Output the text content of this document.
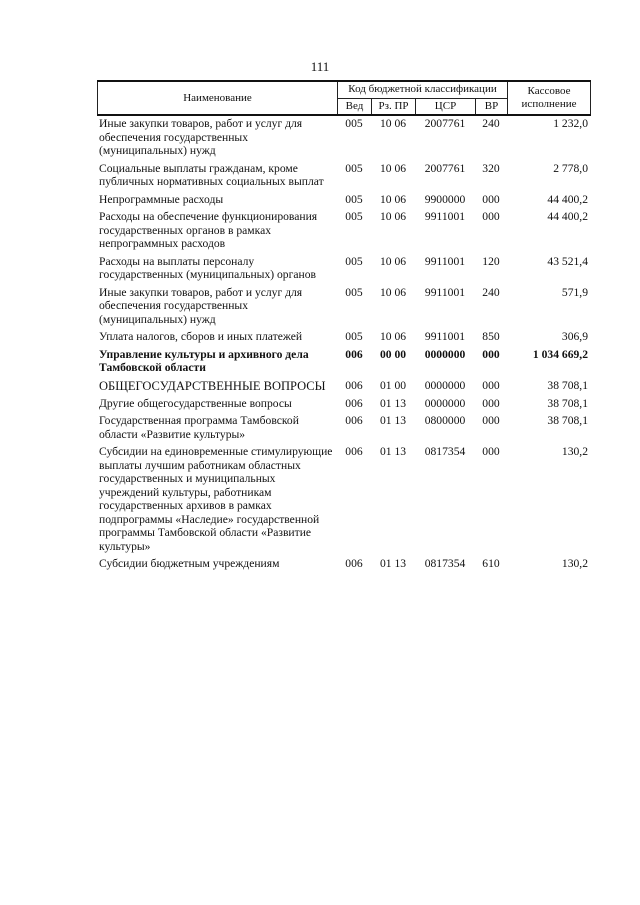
111
Наименование	Код бюджетной классификации				Кассовое исполнение
	Вед	Рз. ПР	ЦСР	ВР	
Иные закупки товаров, работ и услуг для обеспечения государственных (муниципальных) нужд	005	10 06	2007761	240	1 232,0
Социальные выплаты гражданам, кроме публичных нормативных социальных выплат	005	10 06	2007761	320	2 778,0
Непрограммные расходы	005	10 06	9900000	000	44 400,2
Расходы на обеспечение функционирования государственных органов в рамках непрограммных расходов	005	10 06	9911001	000	44 400,2
Расходы на выплаты персоналу государственных (муниципальных) органов	005	10 06	9911001	120	43 521,4
Иные закупки товаров, работ и услуг для обеспечения государственных (муниципальных) нужд	005	10 06	9911001	240	571,9
Уплата налогов, сборов и иных платежей	005	10 06	9911001	850	306,9
Управление культуры и архивного дела Тамбовской области	006	00 00	0000000	000	1 034 669,2
ОБЩЕГОСУДАРСТВЕННЫЕ ВОПРОСЫ	006	01 00	0000000	000	38 708,1
Другие общегосударственные вопросы	006	01 13	0000000	000	38 708,1
Государственная программа Тамбовской области «Развитие культуры»	006	01 13	0800000	000	38 708,1
Субсидии на единовременные стимулирующие выплаты лучшим работникам областных государственных и муниципальных учреждений культуры, работникам государственных архивов в рамках подпрограммы «Наследие» государственной программы Тамбовской области «Развитие культуры»	006	01 13	0817354	000	130,2
Субсидии бюджетным учреждениям	006	01 13	0817354	610	130,2
